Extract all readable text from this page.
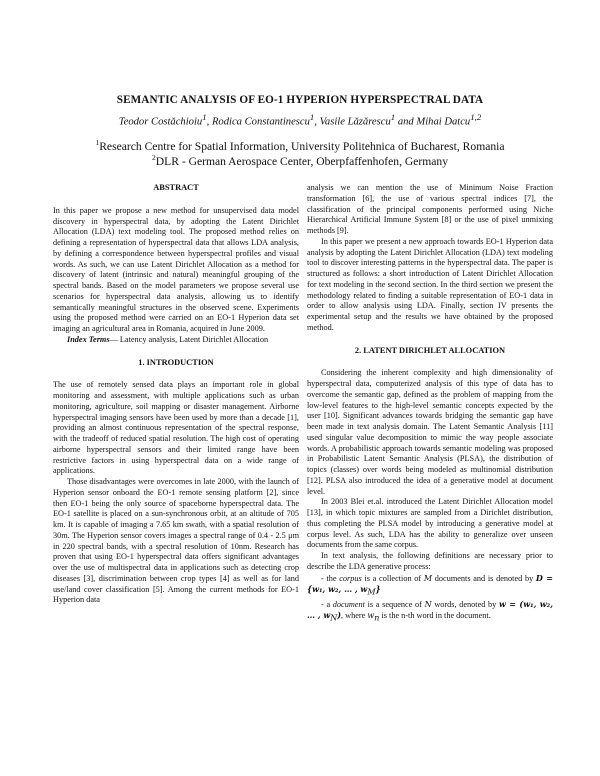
SEMANTIC ANALYSIS OF EO-1 HYPERION HYPERSPECTRAL DATA
Teodor Costăchioiu$^1$, Rodica Constantinescu$^1$, Vasile Lăzărescu$^1$ and Mihai Datcu$^{1,2}$
$^1$Research Centre for Spatial Information, University Politehnica of Bucharest, Romania
$^2$DLR - German Aerospace Center, Oberpfaffenhofen, Germany

ABSTRACT

In this paper we propose a new method for unsupervised data model discovery in hyperspectral data, by adopting the Latent Dirichlet Allocation (LDA) text modeling tool. The proposed method relies on defining a representation of hyperspectral data that allows LDA analysis, by defining a correspondence between hyperspectral profiles and visual words. As such, we can use Latent Dirichlet Allocation as a method for discovery of latent (intrinsic and natural) meaningful grouping of the spectral bands. Based on the model parameters we propose several use scenarios for hyperspectral data analysis, allowing us to identify semantically meaningful structures in the observed scene. Experiments using the proposed method were carried on an EO-1 Hyperion data set imaging an agricultural area in Romania, acquired in June 2009.

Index Terms— Latency analysis, Latent Dirichlet Allocation

1. INTRODUCTION

The use of remotely sensed data plays an important role in global monitoring and assessment, with multiple applications such as urban monitoring, agriculture, soil mapping or disaster management. Airborne hyperspectral imaging sensors have been used by more than a decade [1], providing an almost continuous representation of the spectral response, with the tradeoff of reduced spatial resolution. The high cost of operating airborne hyperspectral sensors and their limited range have been restrictive factors in using hyperspectral data on a wide range of applications.

Those disadvantages were overcomes in late 2000, with the launch of Hyperion sensor onboard the EO-1 remote sensing platform [2], since then EO-1 being the only source of spaceborne hyperspectral data. The EO-1 satellite is placed on a sun-synchronous orbit, at an altitude of 705 km. It is capable of imaging a 7.65 km swath, with a spatial resolution of 30m. The Hyperion sensor covers images a spectral range of 0.4 - 2.5 μm in 220 spectral bands, with a spectral resolution of 10nm. Research has proven that using EO-1 hyperspectral data offers significant advantages over the use of multispectral data in applications such as detecting crop diseases [3], discrimination between crop types [4] as well as for land use/land cover classification [5]. Among the current methods for EO-1 Hyperion data

analysis we can mention the use of Minimum Noise Fraction transformation [6], the use of various spectral indices [7], the classification of the principal components performed using Niche Hierarchical Artificial Immune System [8] or the use of pixel unmixing methods [9].

In this paper we present a new approach towards EO-1 Hyperion data analysis by adopting the Latent Dirichlet Allocation (LDA) text modeling tool to discover interesting patterns in the hyperspectral data. The paper is structured as follows: a short introduction of Latent Dirichlet Allocation for text modeling in the second section. In the third section we present the methodology related to finding a suitable representation of EO-1 data in order to allow analysis using LDA. Finally, section IV presents the experimental setup and the results we have obtained by the proposed method.

2. LATENT DIRICHLET ALLOCATION

Considering the inherent complexity and high dimensionality of hyperspectral data, computerized analysis of this type of data has to overcome the semantic gap, defined as the problem of mapping from the low-level features to the high-level semantic concepts expected by the user [10]. Significant advances towards bridging the semantic gap have been made in text analysis domain. The Latent Semantic Analysis [11] used singular value decomposition to mimic the way people associate words. A probabilistic approach towards semantic modeling was proposed in Probabilistic Latent Semantic Analysis (PLSA), the distribution of topics (classes) over words being modeled as multinomial distribution [12]. PLSA also introduced the idea of a generative model at document level.

In 2003 Blei et.al. introduced the Latent Dirichlet Allocation model [13], in which topic mixtures are sampled from a Dirichlet distribution, thus completing the PLSA model by introducing a generative model at corpus level. As such, LDA has the ability to generalize over unseen documents from the same corpus.

In text analysis, the following definitions are necessary prior to describe the LDA generative process:

- the corpus is a collection of M documents and is denoted by D = {w₁, w₂, … , $w_M$}

- a document is a sequence of N words, denoted by w = (w₁, w₂, … , $w_N$), where $w_n$ is the n-th word in the document.
